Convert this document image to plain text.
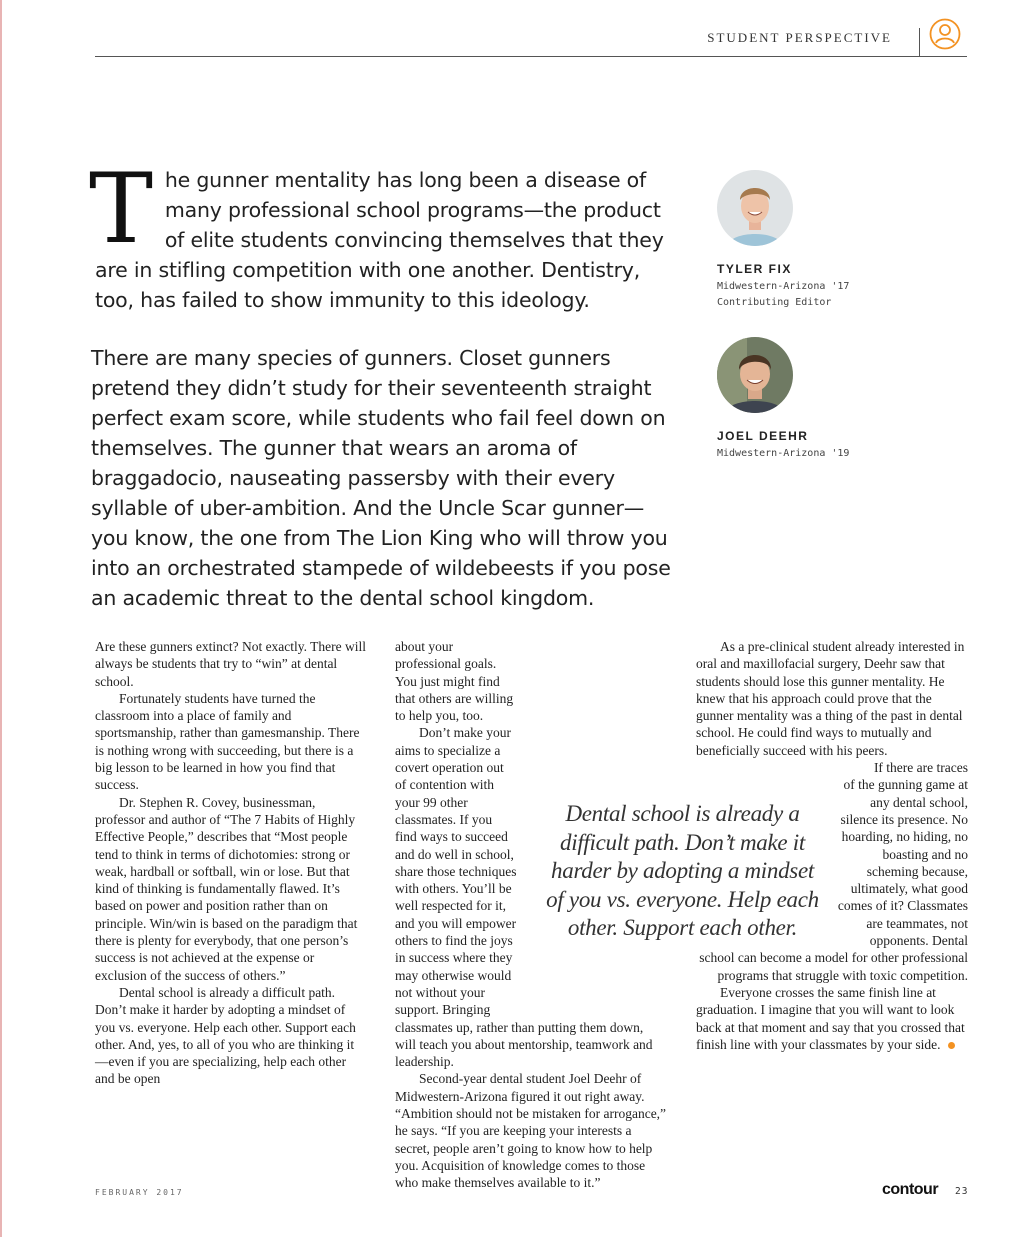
STUDENT PERSPECTIVE
The gunner mentality has long been a disease of many professional school programs—the product of elite students convincing themselves that they are in stifling competition with one another. Dentistry, too, has failed to show immunity to this ideology.

There are many species of gunners. Closet gunners pretend they didn’t study for their seventeenth straight perfect exam score, while students who fail feel down on themselves. The gunner that wears an aroma of braggadocio, nauseating passersby with their every syllable of uber-ambition. And the Uncle Scar gunner—you know, the one from The Lion King who will throw you into an orchestrated stampede of wildebeests if you pose an academic threat to the dental school kingdom.

TYLER FIX
Midwestern-Arizona '17
Contributing Editor
JOEL DEEHR
Midwestern-Arizona '19

Are these gunners extinct? Not exactly. There will always be students that try to “win” at dental school.

Fortunately students have turned the classroom into a place of family and sportsmanship, rather than gamesmanship. There is nothing wrong with succeeding, but there is a big lesson to be learned in how you find that success.

Dr. Stephen R. Covey, businessman, professor and author of “The 7 Habits of Highly Effective People,” describes that “Most people tend to think in terms of dichotomies: strong or weak, hardball or softball, win or lose. But that kind of thinking is fundamentally flawed. It’s based on power and position rather than on principle. Win/win is based on the paradigm that there is plenty for everybody, that one person’s success is not achieved at the expense or exclusion of the success of others.”

Dental school is already a difficult path. Don’t make it harder by adopting a mindset of you vs. everyone. Help each other. Support each other. And, yes, to all of you who are thinking it—even if you are specializing, help each other and be open

about your professional goals. You just might find that others are willing to help you, too.

Don’t make your aims to specialize a covert operation out of contention with your 99 other classmates. If you find ways to succeed and do well in school, share those techniques with others. You’ll be well respected for it, and you will empower others to find the joys in success where they may otherwise would not without your support. Bringing classmates up, rather than putting them down, will teach you about mentorship, teamwork and leadership.

Second-year dental student Joel Deehr of Midwestern-Arizona figured it out right away. “Ambition should not be mistaken for arrogance,” he says. “If you are keeping your interests a secret, people aren’t going to know how to help you. Acquisition of knowledge comes to those who make themselves available to it.”

As a pre-clinical student already interested in oral and maxillofacial surgery, Deehr saw that students should lose this gunner mentality. He knew that his approach could prove that the gunner mentality was a thing of the past in dental school. He could find ways to mutually and beneficially succeed with his peers.

If there are traces of the gunning game at any dental school, silence its presence. No hoarding, no hiding, no boasting and no scheming because, ultimately, what good comes of it? Classmates are teammates, not opponents. Dental school can become a model for other professional programs that struggle with toxic competition.

Everyone crosses the same finish line at graduation. I imagine that you will want to look back at that moment and say that you crossed that finish line with your classmates by your side.

Dental school is already a difficult path. Don’t make it harder by adopting a mindset of you vs. everyone. Help each other. Support each other.
FEBRUARY 2017	contour 23
